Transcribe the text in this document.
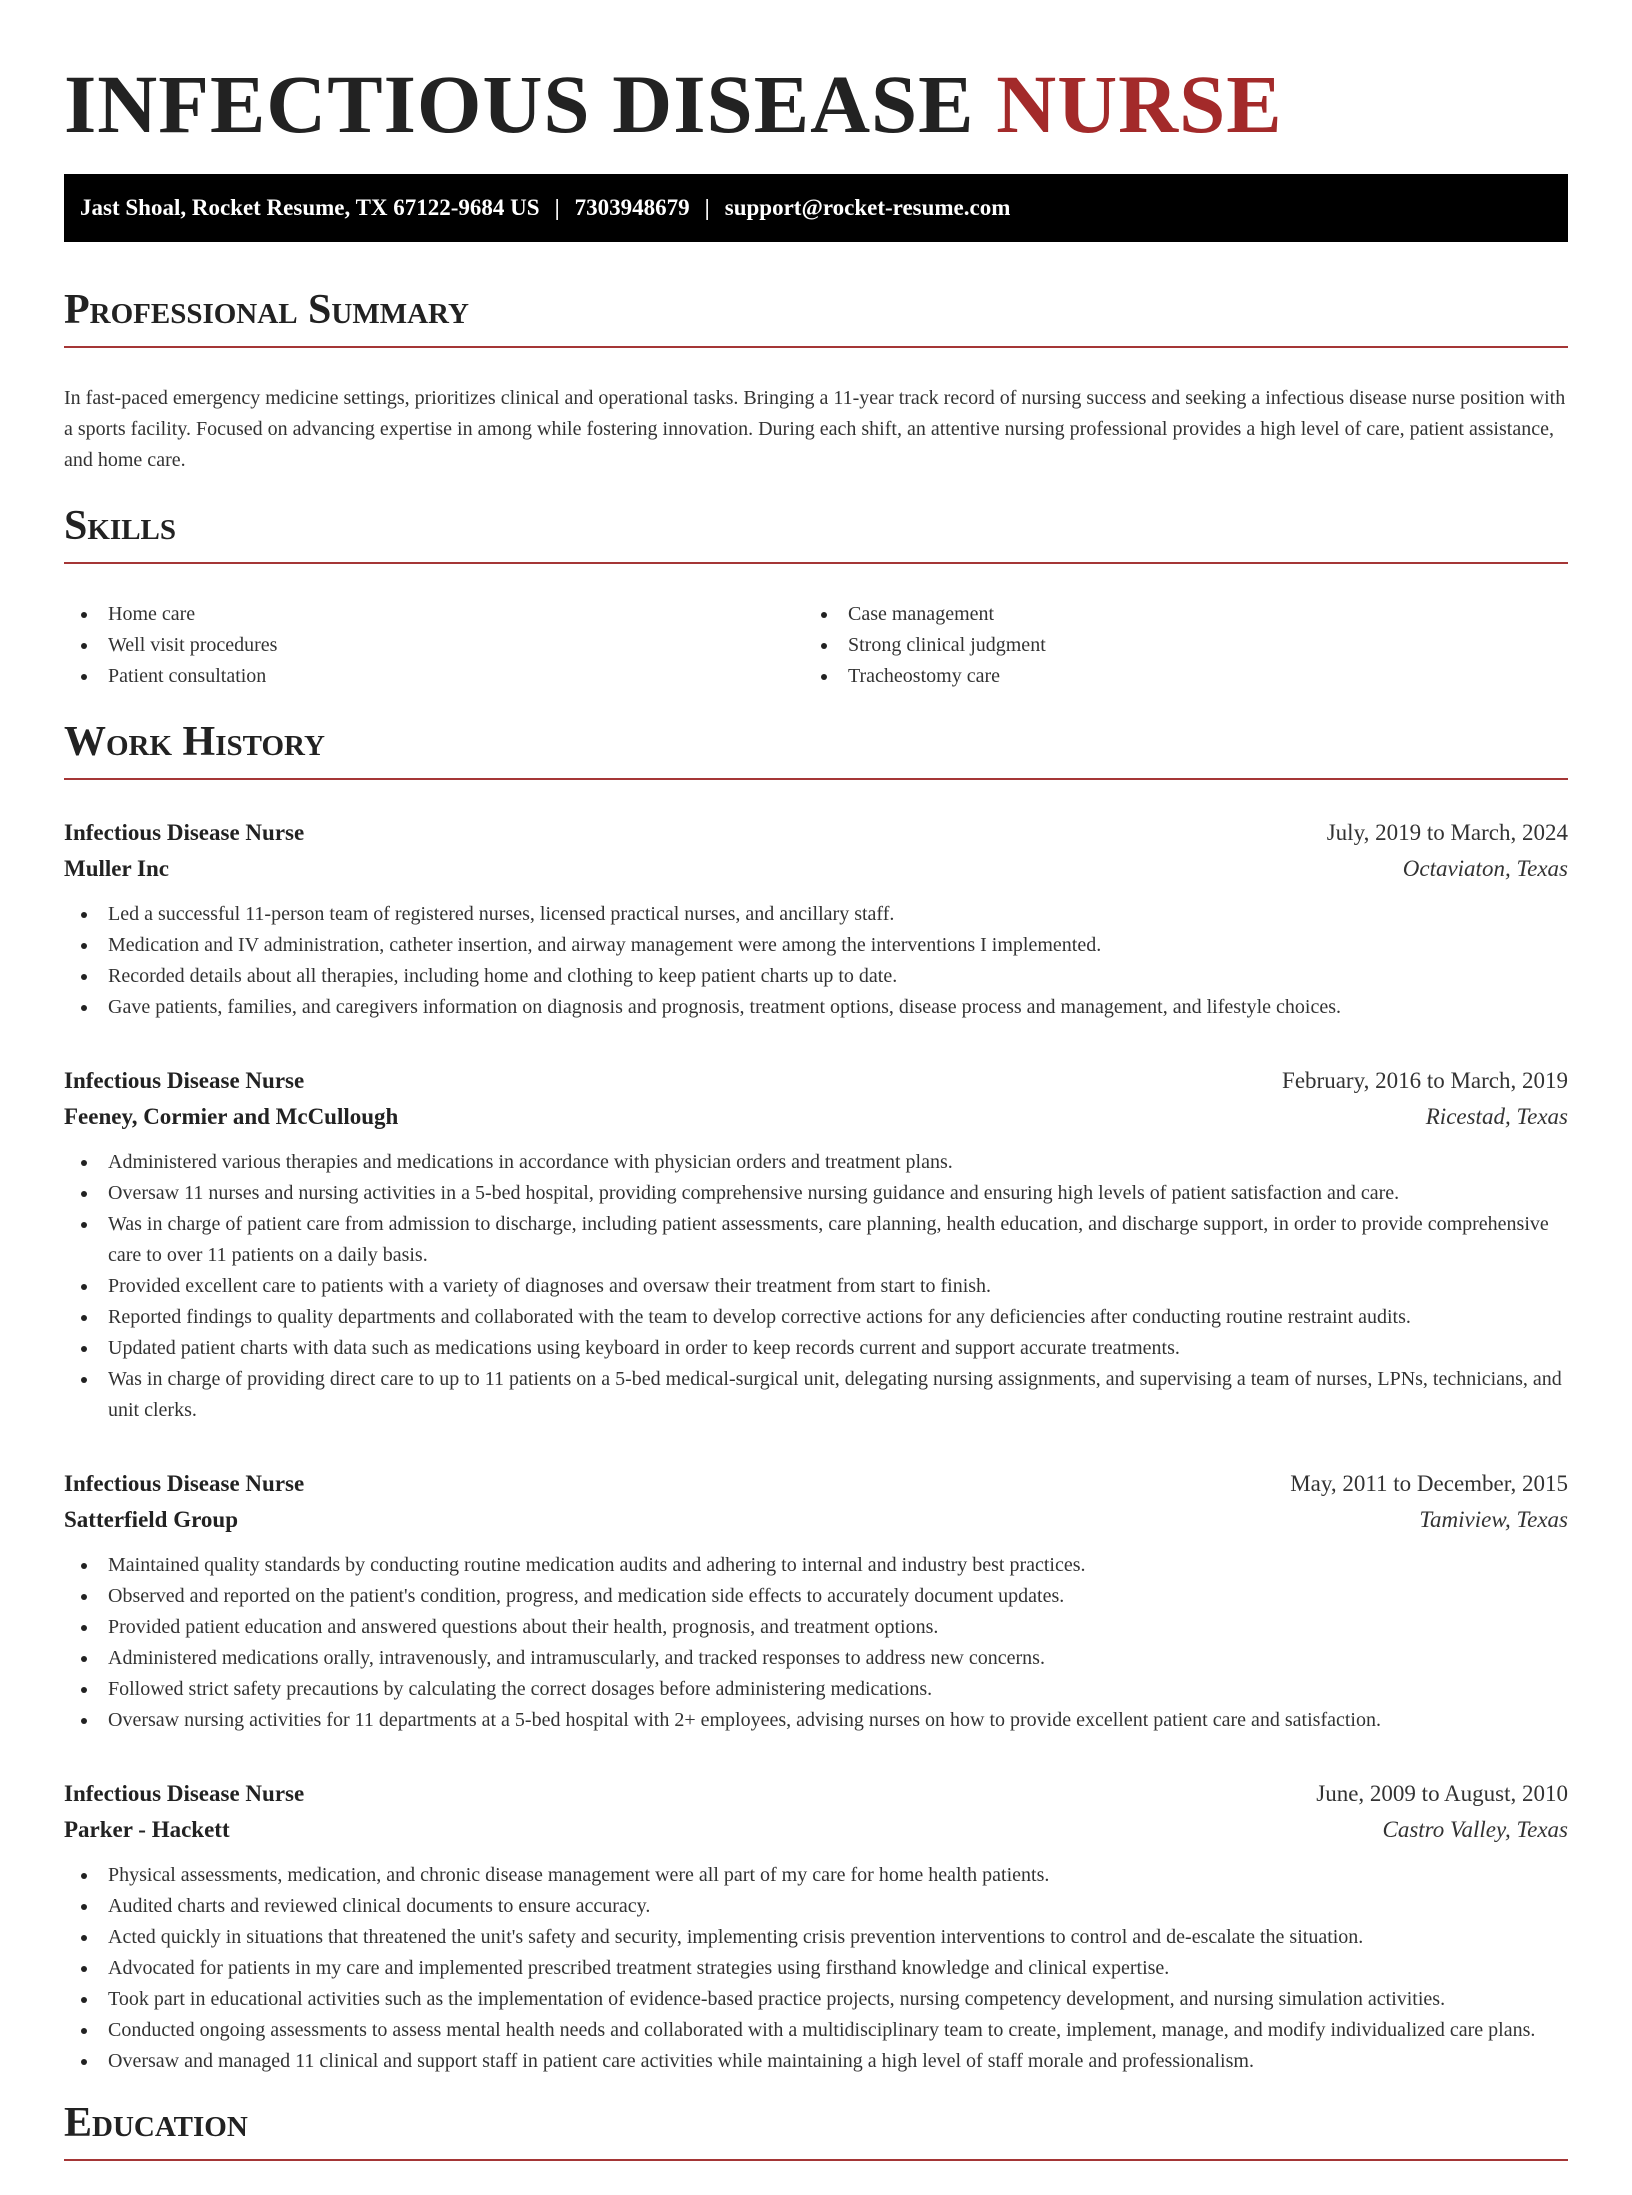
INFECTIOUS DISEASE NURSE
Jast Shoal, Rocket Resume, TX 67122-9684 US | 7303948679 | support@rocket-resume.com
Professional Summary

In fast-paced emergency medicine settings, prioritizes clinical and operational tasks. Bringing a 11-year track record of nursing success and seeking a infectious disease nurse position with a sports facility. Focused on advancing expertise in among while fostering innovation. During each shift, an attentive nursing professional provides a high level of care, patient assistance, and home care.

Skills
Home care
Well visit procedures
Patient consultation
Case management
Strong clinical judgment
Tracheostomy care
Work History
Infectious Disease Nurse	July, 2019 to March, 2024
Muller Inc	Octaviaton, Texas
Led a successful 11-person team of registered nurses, licensed practical nurses, and ancillary staff.
Medication and IV administration, catheter insertion, and airway management were among the interventions I implemented.
Recorded details about all therapies, including home and clothing to keep patient charts up to date.
Gave patients, families, and caregivers information on diagnosis and prognosis, treatment options, disease process and management, and lifestyle choices.
Infectious Disease Nurse	February, 2016 to March, 2019
Feeney, Cormier and McCullough	Ricestad, Texas
Administered various therapies and medications in accordance with physician orders and treatment plans.
Oversaw 11 nurses and nursing activities in a 5-bed hospital, providing comprehensive nursing guidance and ensuring high levels of patient satisfaction and care.
Was in charge of patient care from admission to discharge, including patient assessments, care planning, health education, and discharge support, in order to provide comprehensive care to over 11 patients on a daily basis.
Provided excellent care to patients with a variety of diagnoses and oversaw their treatment from start to finish.
Reported findings to quality departments and collaborated with the team to develop corrective actions for any deficiencies after conducting routine restraint audits.
Updated patient charts with data such as medications using keyboard in order to keep records current and support accurate treatments.
Was in charge of providing direct care to up to 11 patients on a 5-bed medical-surgical unit, delegating nursing assignments, and supervising a team of nurses, LPNs, technicians, and unit clerks.
Infectious Disease Nurse	May, 2011 to December, 2015
Satterfield Group	Tamiview, Texas
Maintained quality standards by conducting routine medication audits and adhering to internal and industry best practices.
Observed and reported on the patient's condition, progress, and medication side effects to accurately document updates.
Provided patient education and answered questions about their health, prognosis, and treatment options.
Administered medications orally, intravenously, and intramuscularly, and tracked responses to address new concerns.
Followed strict safety precautions by calculating the correct dosages before administering medications.
Oversaw nursing activities for 11 departments at a 5-bed hospital with 2+ employees, advising nurses on how to provide excellent patient care and satisfaction.
Infectious Disease Nurse	June, 2009 to August, 2010
Parker - Hackett	Castro Valley, Texas
Physical assessments, medication, and chronic disease management were all part of my care for home health patients.
Audited charts and reviewed clinical documents to ensure accuracy.
Acted quickly in situations that threatened the unit's safety and security, implementing crisis prevention interventions to control and de-escalate the situation.
Advocated for patients in my care and implemented prescribed treatment strategies using firsthand knowledge and clinical expertise.
Took part in educational activities such as the implementation of evidence-based practice projects, nursing competency development, and nursing simulation activities.
Conducted ongoing assessments to assess mental health needs and collaborated with a multidisciplinary team to create, implement, manage, and modify individualized care plans.
Oversaw and managed 11 clinical and support staff in patient care activities while maintaining a high level of staff morale and professionalism.
Education
